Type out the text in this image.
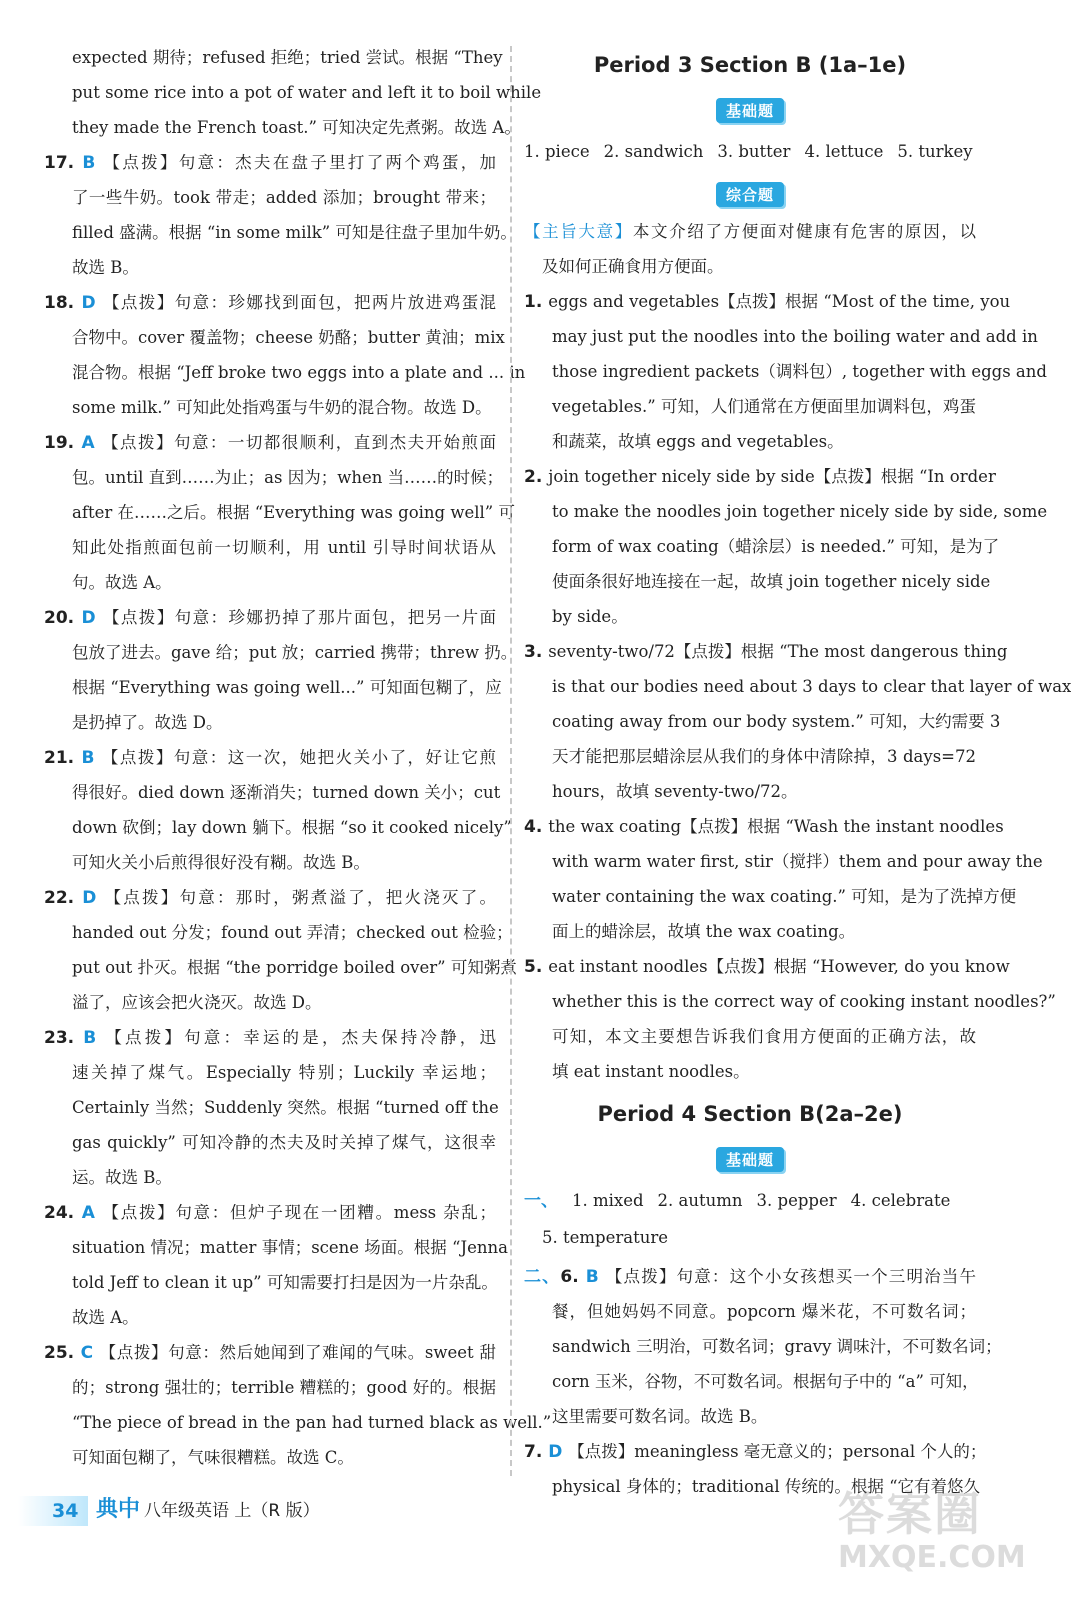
expected 期待；refused 拒绝；tried 尝试。根据 “They
put some rice into a pot of water and left it to boil while
they made the French toast.” 可知决定先煮粥。故选 A。
17. B 【点拨】句意：杰夫在盘子里打了两个鸡蛋，加
了一些牛奶。took 带走；added 添加；brought 带来；
filled 盛满。根据 “in some milk” 可知是往盘子里加牛奶。
故选 B。
18. D 【点拨】句意：珍娜找到面包，把两片放进鸡蛋混
合物中。cover 覆盖物；cheese 奶酪；butter 黄油；mix
混合物。根据 “Jeff broke two eggs into a plate and ... in
some milk.” 可知此处指鸡蛋与牛奶的混合物。故选 D。
19. A 【点拨】句意：一切都很顺利，直到杰夫开始煎面
包。until 直到……为止；as 因为；when 当……的时候；
after 在……之后。根据 “Everything was going well” 可
知此处指煎面包前一切顺利，用 until 引导时间状语从
句。故选 A。
20. D 【点拨】句意：珍娜扔掉了那片面包，把另一片面
包放了进去。gave 给；put 放；carried 携带；threw 扔。
根据 “Everything was going well...” 可知面包糊了，应
是扔掉了。故选 D。
21. B 【点拨】句意：这一次，她把火关小了，好让它煎
得很好。died down 逐渐消失；turned down 关小；cut
down 砍倒；lay down 躺下。根据 “so it cooked nicely”
可知火关小后煎得很好没有糊。故选 B。
22. D 【点拨】句意：那时，粥煮溢了，把火浇灭了。
handed out 分发；found out 弄清；checked out 检验；
put out 扑灭。根据 “the porridge boiled over” 可知粥煮
溢了，应该会把火浇灭。故选 D。
23. B 【点拨】句意：幸运的是，杰夫保持冷静，迅
速关掉了煤气。Especially 特别；Luckily 幸运地；
Certainly 当然；Suddenly 突然。根据 “turned off the
gas quickly” 可知冷静的杰夫及时关掉了煤气，这很幸
运。故选 B。
24. A 【点拨】句意：但炉子现在一团糟。mess 杂乱；
situation 情况；matter 事情；scene 场面。根据 “Jenna
told Jeff to clean it up” 可知需要打扫是因为一片杂乱。
故选 A。
25. C 【点拨】句意：然后她闻到了难闻的气味。sweet 甜
的；strong 强壮的；terrible 糟糕的；good 好的。根据
“The piece of bread in the pan had turned black as well.”
可知面包糊了，气味很糟糕。故选 C。
Period 3 Section B (1a–1e)
基础题
1. piece 2. sandwich 3. butter 4. lettuce 5. turkey
综合题
【主旨大意】本文介绍了方便面对健康有危害的原因，以
及如何正确食用方便面。
1. eggs and vegetables【点拨】根据 “Most of the time, you
may just put the noodles into the boiling water and add in
those ingredient packets（调料包）, together with eggs and
vegetables.” 可知，人们通常在方便面里加调料包，鸡蛋
和蔬菜，故填 eggs and vegetables。
2. join together nicely side by side【点拨】根据 “In order
to make the noodles join together nicely side by side, some
form of wax coating（蜡涂层）is needed.” 可知，是为了
使面条很好地连接在一起，故填 join together nicely side
by side。
3. seventy-two/72【点拨】根据 “The most dangerous thing
is that our bodies need about 3 days to clear that layer of wax
coating away from our body system.” 可知，大约需要 3
天才能把那层蜡涂层从我们的身体中清除掉，3 days=72
hours，故填 seventy-two/72。
4. the wax coating【点拨】根据 “Wash the instant noodles
with warm water first, stir（搅拌）them and pour away the
water containing the wax coating.” 可知，是为了洗掉方便
面上的蜡涂层，故填 the wax coating。
5. eat instant noodles【点拨】根据 “However, do you know
whether this is the correct way of cooking instant noodles?”
可知，本文主要想告诉我们食用方便面的正确方法，故
填 eat instant noodles。
Period 4 Section B(2a–2e)
基础题
一、 1. mixed 2. autumn 3. pepper 4. celebrate
5. temperature
二、6. B 【点拨】句意：这个小女孩想买一个三明治当午
餐，但她妈妈不同意。popcorn 爆米花，不可数名词；
sandwich 三明治，可数名词；gravy 调味汁，不可数名词；
corn 玉米，谷物，不可数名词。根据句子中的 “a” 可知，
这里需要可数名词。故选 B。
7. D 【点拨】meaningless 毫无意义的；personal 个人的；
physical 身体的；traditional 传统的。根据 “它有着悠久
34 典中 八年级英语 上（R 版）	答案圈
MXQE.COM
